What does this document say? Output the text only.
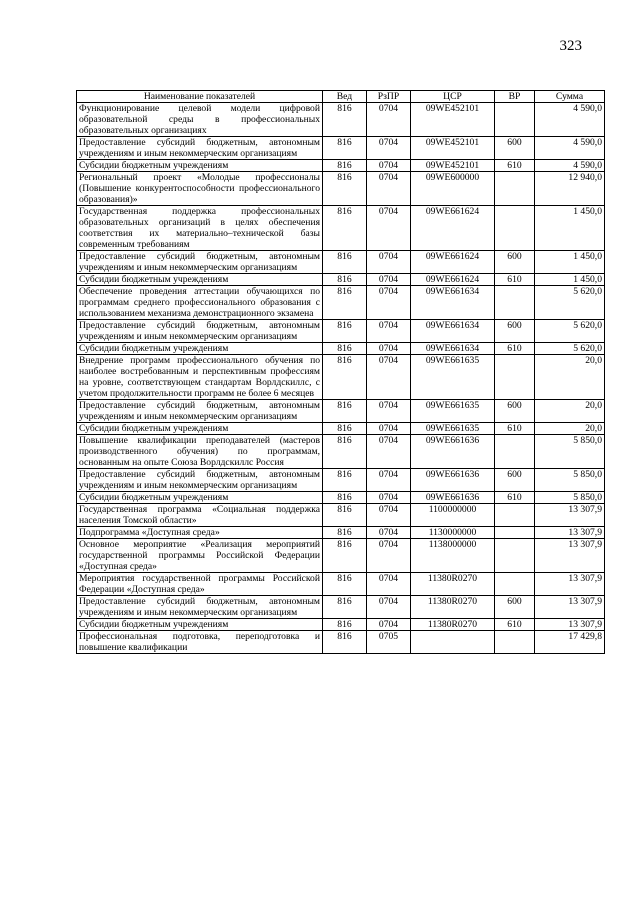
323
Наименование показателей	Вед	РзПР	ЦСР	ВР	Сумма
Функционирование целевой модели цифровой образовательной среды в профессиональных образовательных организациях	816	0704	09WE452101		4 590,0
Предоставление субсидий бюджетным, автономным учреждениям и иным некоммерческим организациям	816	0704	09WE452101	600	4 590,0
Субсидии бюджетным учреждениям	816	0704	09WE452101	610	4 590,0
Региональный проект «Молодые профессионалы (Повышение конкурентоспособности профессионального образования)»	816	0704	09WE600000		12 940,0
Государственная поддержка профессиональных образовательных организаций в целях обеспечения соответствия их материально–технической базы современным требованиям	816	0704	09WE661624		1 450,0
Предоставление субсидий бюджетным, автономным учреждениям и иным некоммерческим организациям	816	0704	09WE661624	600	1 450,0
Субсидии бюджетным учреждениям	816	0704	09WE661624	610	1 450,0
Обеспечение проведения аттестации обучающихся по программам среднего профессионального образования с использованием механизма демонстрационного экзамена	816	0704	09WE661634		5 620,0
Предоставление субсидий бюджетным, автономным учреждениям и иным некоммерческим организациям	816	0704	09WE661634	600	5 620,0
Субсидии бюджетным учреждениям	816	0704	09WE661634	610	5 620,0
Внедрение программ профессионального обучения по наиболее востребованным и перспективным профессиям на уровне, соответствующем стандартам Ворлдскиллс, с учетом продолжительности программ не более 6 месяцев	816	0704	09WE661635		20,0
Предоставление субсидий бюджетным, автономным учреждениям и иным некоммерческим организациям	816	0704	09WE661635	600	20,0
Субсидии бюджетным учреждениям	816	0704	09WE661635	610	20,0
Повышение квалификации преподавателей (мастеров производственного обучения) по программам, основанным на опыте Союза Ворлдскиллс Россия	816	0704	09WE661636		5 850,0
Предоставление субсидий бюджетным, автономным учреждениям и иным некоммерческим организациям	816	0704	09WE661636	600	5 850,0
Субсидии бюджетным учреждениям	816	0704	09WE661636	610	5 850,0
Государственная программа «Социальная поддержка населения Томской области»	816	0704	1100000000		13 307,9
Подпрограмма «Доступная среда»	816	0704	1130000000		13 307,9
Основное мероприятие «Реализация мероприятий государственной программы Российской Федерации «Доступная среда»	816	0704	1138000000		13 307,9
Мероприятия государственной программы Российской Федерации «Доступная среда»	816	0704	11380R0270		13 307,9
Предоставление субсидий бюджетным, автономным учреждениям и иным некоммерческим организациям	816	0704	11380R0270	600	13 307,9
Субсидии бюджетным учреждениям	816	0704	11380R0270	610	13 307,9
Профессиональная подготовка, переподготовка и повышение квалификации	816	0705			17 429,8
